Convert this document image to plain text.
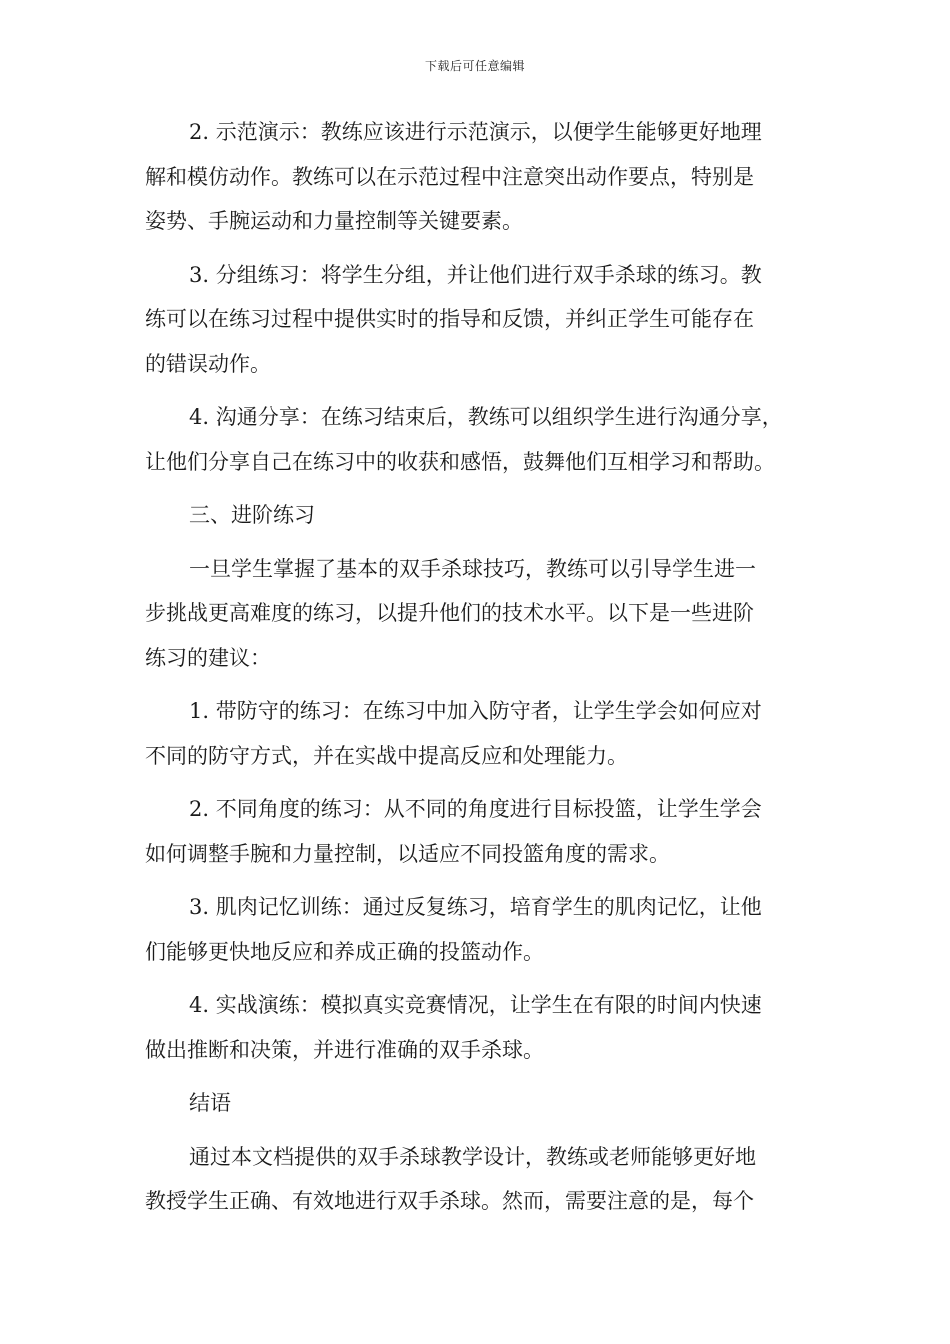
下载后可任意编辑
2. 示范演示：教练应该进行示范演示，以便学生能够更好地理
解和模仿动作。教练可以在示范过程中注意突出动作要点，特别是
姿势、手腕运动和力量控制等关键要素。
3. 分组练习：将学生分组，并让他们进行双手杀球的练习。教
练可以在练习过程中提供实时的指导和反馈，并纠正学生可能存在
的错误动作。
4. 沟通分享：在练习结束后，教练可以组织学生进行沟通分享，
让他们分享自己在练习中的收获和感悟，鼓舞他们互相学习和帮助。
三、进阶练习
一旦学生掌握了基本的双手杀球技巧，教练可以引导学生进一
步挑战更高难度的练习，以提升他们的技术水平。以下是一些进阶
练习的建议：
1. 带防守的练习：在练习中加入防守者，让学生学会如何应对
不同的防守方式，并在实战中提高反应和处理能力。
2. 不同角度的练习：从不同的角度进行目标投篮，让学生学会
如何调整手腕和力量控制，以适应不同投篮角度的需求。
3. 肌肉记忆训练：通过反复练习，培育学生的肌肉记忆，让他
们能够更快地反应和养成正确的投篮动作。
4. 实战演练：模拟真实竞赛情况，让学生在有限的时间内快速
做出推断和决策，并进行准确的双手杀球。
结语
通过本文档提供的双手杀球教学设计，教练或老师能够更好地
教授学生正确、有效地进行双手杀球。然而，需要注意的是，每个
